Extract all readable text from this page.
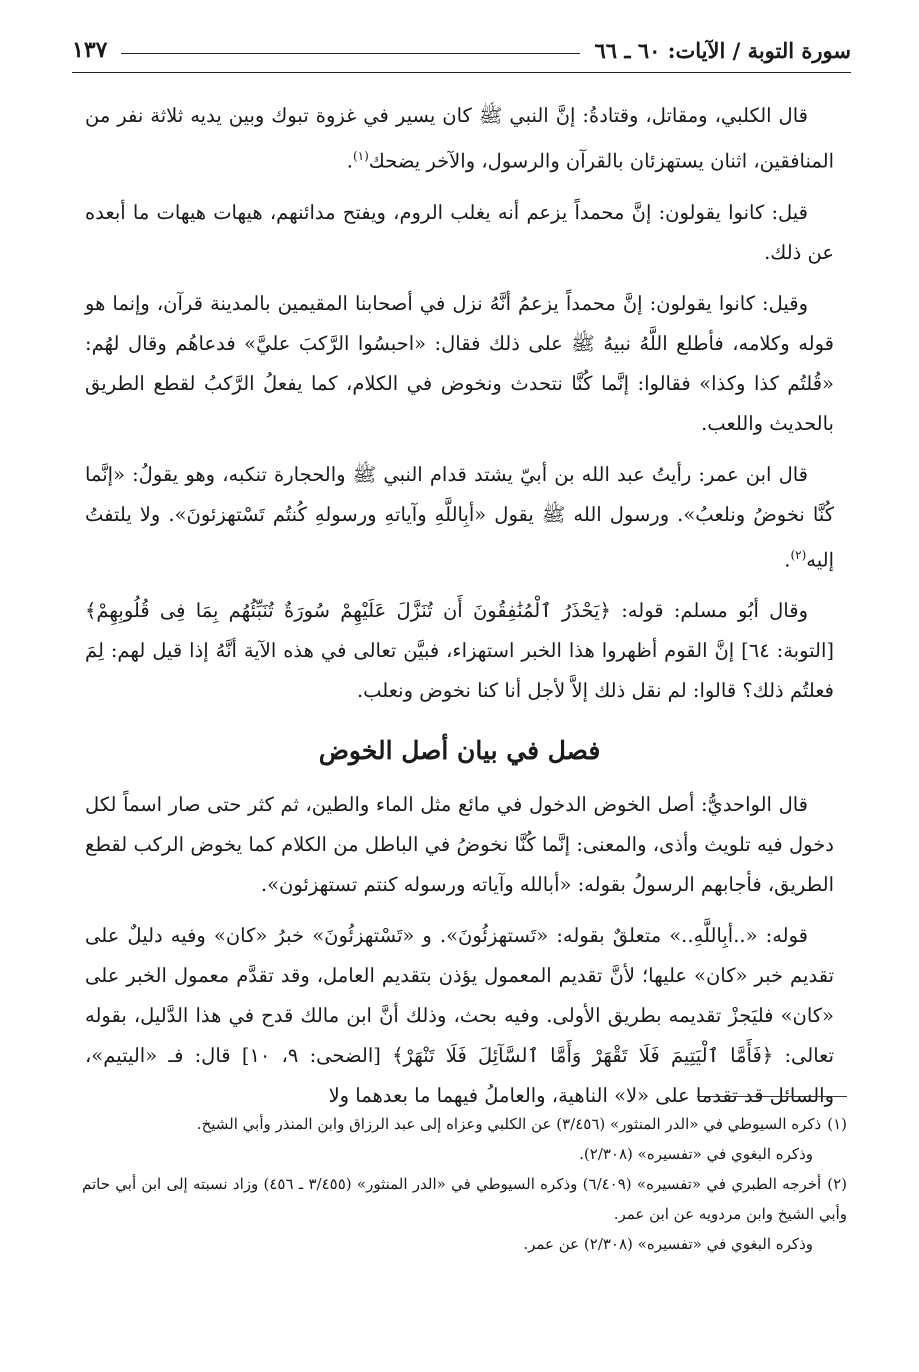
سورة التوبة / الآيات: ٦٠ ـ ٦٦
١٣٧

قال الكلبي، ومقاتل، وقتادةُ: إنَّ النبي ﷺ كان يسير في غزوة تبوك وبين يديه ثلاثة نفر من المنافقين، اثنان يستهزئان بالقرآن والرسول، والآخر يضحك$^{(١)}$.

قيل: كانوا يقولون: إنَّ محمداً يزعم أنه يغلب الروم، ويفتح مدائنهم، هيهات هيهات ما أبعده عن ذلك.

وقيل: كانوا يقولون: إنَّ محمداً يزعمُ أنَّهُ نزل في أصحابنا المقيمين بالمدينة قرآن، وإنما هو قوله وكلامه، فأطلع اللَّهُ نبيهُ ﷺ على ذلك فقال: «احبسُوا الرَّكبَ عليَّ» فدعاهُم وقال لهُم: «قُلتُم كذا وكذا» فقالوا: إنَّما كُنَّا نتحدث ونخوض في الكلام، كما يفعلُ الرَّكبُ لقطع الطريق بالحديث واللعب.

قال ابن عمر: رأيتُ عبد الله بن أبيّ يشتد قدام النبي ﷺ والحجارة تنكبه، وهو يقولُ: «إنَّما كُنَّا نخوضُ ونلعبُ». ورسول الله ﷺ يقول «أبِاللَّهِ وآياتهِ ورسولهِ كُنتُم تَسْتهزئونَ». ولا يلتفتُ إليه$^{(٢)}$.

وقال أبُو مسلم: قوله: ﴿يَحْذَرُ ٱلْمُنَٰفِقُونَ أَن تُنَزَّلَ عَلَيْهِمْ سُورَةٌ تُنَبِّئُهُم بِمَا فِى قُلُوبِهِمْ﴾ [التوبة: ٦٤] إنَّ القوم أظهروا هذا الخبر استهزاء، فبيَّن تعالى في هذه الآية أنَّهُ إذا قيل لهم: لِمَ فعلتُم ذلك؟ قالوا: لم نقل ذلك إلاَّ لأجل أنا كنا نخوض ونعلب.

فصل في بيان أصل الخوض

قال الواحديُّ: أصل الخوض الدخول في مائع مثل الماء والطين، ثم كثر حتى صار اسماً لكل دخول فيه تلويث وأذى، والمعنى: إنَّما كُنَّا نخوضُ في الباطل من الكلام كما يخوض الركب لقطع الطريق، فأجابهم الرسولُ بقوله: «أبالله وآياته ورسوله كنتم تستهزئون».

قوله: «..أبِاللَّهِ..» متعلقٌ بقوله: «تَستهزئُونَ». و «تَسْتهزئُونَ» خبرُ «كان» وفيه دليلٌ على تقديم خبر «كان» عليها؛ لأنَّ تقديم المعمول يؤذن بتقديم العامل، وقد تقدَّم معمول الخبر على «كان» فليَجزْ تقديمه بطريق الأولى. وفيه بحث، وذلك أنَّ ابن مالك قدح في هذا الدَّليل، بقوله تعالى: ﴿فَأَمَّا ٱلْيَتِيمَ فَلَا تَقْهَرْ وَأَمَّا ٱلسَّآئِلَ فَلَا تَنْهَرْ﴾ [الضحى: ٩، ١٠] قال: فـ «اليتيم»، والسائل قد تقدما على «لا» الناهية، والعاملُ فيهما ما بعدهما ولا

(١)ذكره السيوطي في «الدر المنثور» (٣/٤٥٦) عن الكلبي وعزاه إلى عبد الرزاق وابن المنذر وأبي الشيخ.

وذكره البغوي في «تفسيره» (٢/٣٠٨).

(٢)أخرجه الطبري في «تفسيره» (٦/٤٠٩) وذكره السيوطي في «الدر المنثور» (٣/٤٥٥ ـ ٤٥٦) وزاد نسبته إلى ابن أبي حاتم وأبي الشيخ وابن مردويه عن ابن عمر.

وذكره البغوي في «تفسيره» (٢/٣٠٨) عن عمر.
